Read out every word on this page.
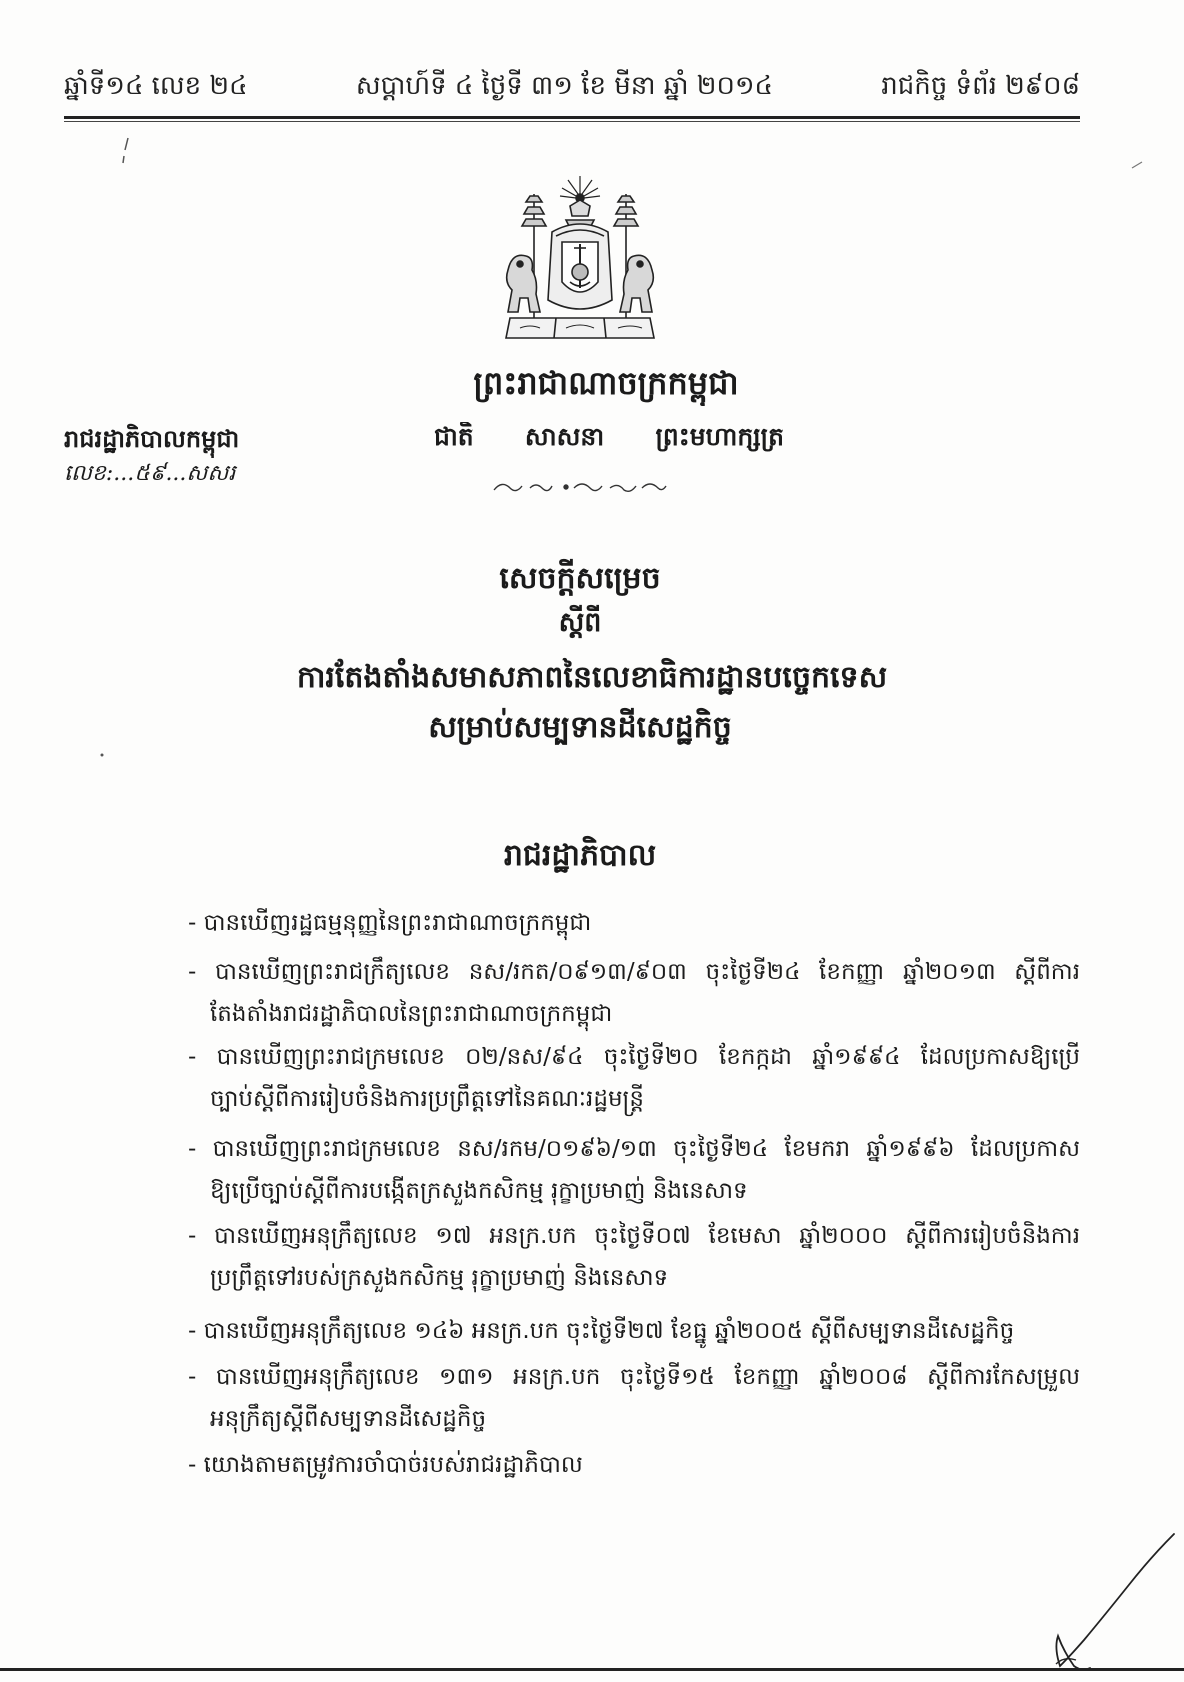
ឆ្នាំទី១៤ លេខ ២៤	សប្តាហ៍ទី ៤ ថ្ងៃទី ៣១ ខែ មីនា ឆ្នាំ ២០១៤	រាជកិច្ច ទំព័រ ២៩០៨
ព្រះរាជាណាចក្រកម្ពុជា
រាជរដ្ឋាភិបាលកម្ពុជា
លេខ:...៥៩...សសរ
ជាតិ សាសនា ព្រះមហាក្សត្រ
សេចក្តីសម្រេច
ស្តីពី
ការតែងតាំងសមាសភាពនៃលេខាធិការដ្ឋានបច្ចេកទេស
សម្រាប់សម្បទានដីសេដ្ឋកិច្ច
រាជរដ្ឋាភិបាល
- បានឃើញរដ្ឋធម្មនុញ្ញនៃព្រះរាជាណាចក្រកម្ពុជា
- បានឃើញព្រះរាជក្រឹត្យលេខ នស/រកត/០៩១៣/៩០៣ ចុះថ្ងៃទី២៤ ខែកញ្ញា ឆ្នាំ២០១៣ ស្តីពីការ
តែងតាំងរាជរដ្ឋាភិបាលនៃព្រះរាជាណាចក្រកម្ពុជា
- បានឃើញព្រះរាជក្រមលេខ ០២/នស/៩៤ ចុះថ្ងៃទី២០ ខែកក្កដា ឆ្នាំ១៩៩៤ ដែលប្រកាសឱ្យប្រើ
ច្បាប់ស្តីពីការរៀបចំនិងការប្រព្រឹត្តទៅនៃគណៈរដ្ឋមន្ត្រី
- បានឃើញព្រះរាជក្រមលេខ នស/រកម/០១៩៦/១៣ ចុះថ្ងៃទី២៤ ខែមករា ឆ្នាំ១៩៩៦ ដែលប្រកាស
ឱ្យប្រើច្បាប់ស្តីពីការបង្កើតក្រសួងកសិកម្ម រុក្ខាប្រមាញ់ និងនេសាទ
- បានឃើញអនុក្រឹត្យលេខ ១៧ អនក្រ.បក ចុះថ្ងៃទី០៧ ខែមេសា ឆ្នាំ២០០០ ស្តីពីការរៀបចំនិងការ
ប្រព្រឹត្តទៅរបស់ក្រសួងកសិកម្ម រុក្ខាប្រមាញ់ និងនេសាទ
- បានឃើញអនុក្រឹត្យលេខ ១៤៦ អនក្រ.បក ចុះថ្ងៃទី២៧ ខែធ្នូ ឆ្នាំ២០០៥ ស្តីពីសម្បទានដីសេដ្ឋកិច្ច
- បានឃើញអនុក្រឹត្យលេខ ១៣១ អនក្រ.បក ចុះថ្ងៃទី១៥ ខែកញ្ញា ឆ្នាំ២០០៨ ស្តីពីការកែសម្រួល
អនុក្រឹត្យស្តីពីសម្បទានដីសេដ្ឋកិច្ច
- យោងតាមតម្រូវការចាំបាច់របស់រាជរដ្ឋាភិបាល
